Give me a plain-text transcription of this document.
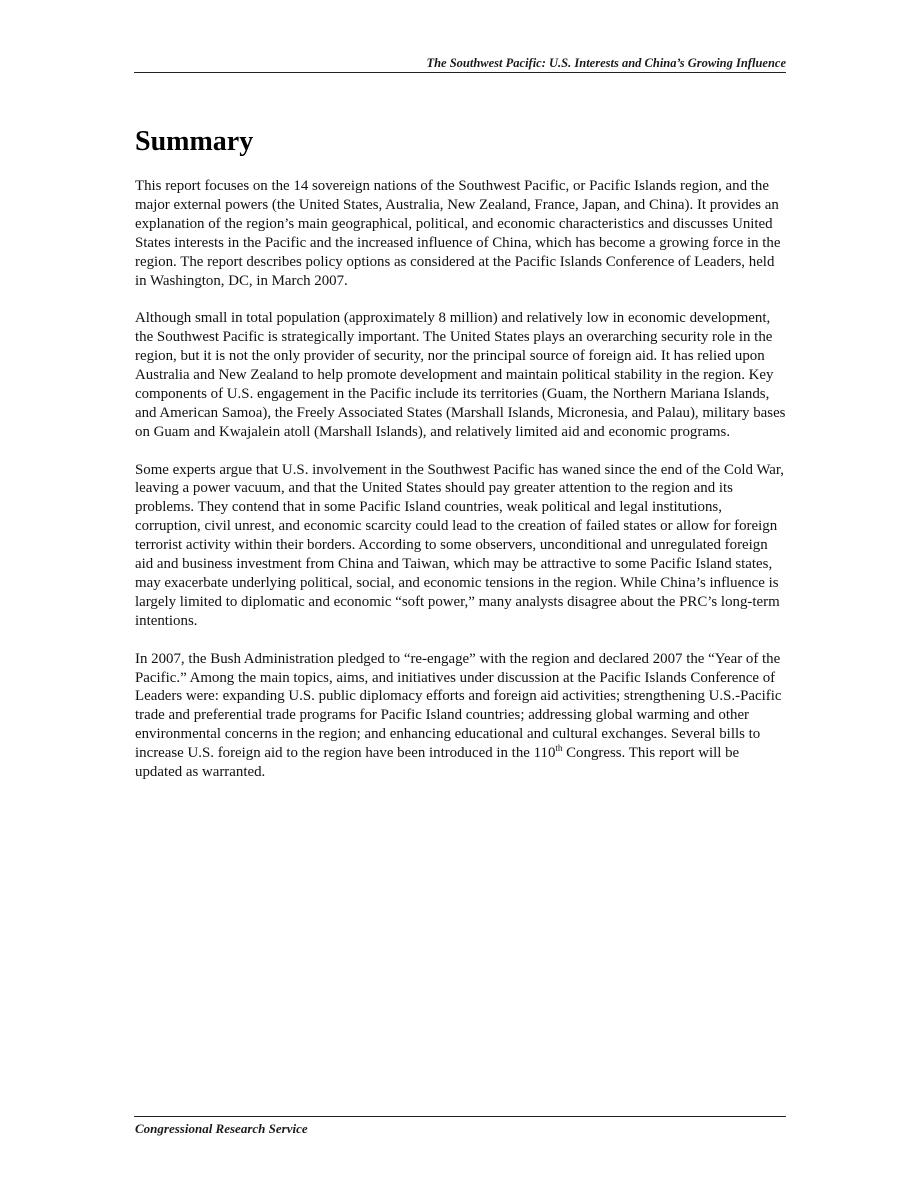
The Southwest Pacific: U.S. Interests and China’s Growing Influence
Summary

This report focuses on the 14 sovereign nations of the Southwest Pacific, or Pacific Islands region, and the major external powers (the United States, Australia, New Zealand, France, Japan, and China). It provides an explanation of the region’s main geographical, political, and economic characteristics and discusses United States interests in the Pacific and the increased influence of China, which has become a growing force in the region. The report describes policy options as considered at the Pacific Islands Conference of Leaders, held in Washington, DC, in March 2007.

Although small in total population (approximately 8 million) and relatively low in economic development, the Southwest Pacific is strategically important. The United States plays an overarching security role in the region, but it is not the only provider of security, nor the principal source of foreign aid. It has relied upon Australia and New Zealand to help promote development and maintain political stability in the region. Key components of U.S. engagement in the Pacific include its territories (Guam, the Northern Mariana Islands, and American Samoa), the Freely Associated States (Marshall Islands, Micronesia, and Palau), military bases on Guam and Kwajalein atoll (Marshall Islands), and relatively limited aid and economic programs.

Some experts argue that U.S. involvement in the Southwest Pacific has waned since the end of the Cold War, leaving a power vacuum, and that the United States should pay greater attention to the region and its problems. They contend that in some Pacific Island countries, weak political and legal institutions, corruption, civil unrest, and economic scarcity could lead to the creation of failed states or allow for foreign terrorist activity within their borders. According to some observers, unconditional and unregulated foreign aid and business investment from China and Taiwan, which may be attractive to some Pacific Island states, may exacerbate underlying political, social, and economic tensions in the region. While China’s influence is largely limited to diplomatic and economic “soft power,” many analysts disagree about the PRC’s long-term intentions.

In 2007, the Bush Administration pledged to “re-engage” with the region and declared 2007 the “Year of the Pacific.” Among the main topics, aims, and initiatives under discussion at the Pacific Islands Conference of Leaders were: expanding U.S. public diplomacy efforts and foreign aid activities; strengthening U.S.-Pacific trade and preferential trade programs for Pacific Island countries; addressing global warming and other environmental concerns in the region; and enhancing educational and cultural exchanges. Several bills to increase U.S. foreign aid to the region have been introduced in the 110th Congress. This report will be updated as warranted.

Congressional Research Service
